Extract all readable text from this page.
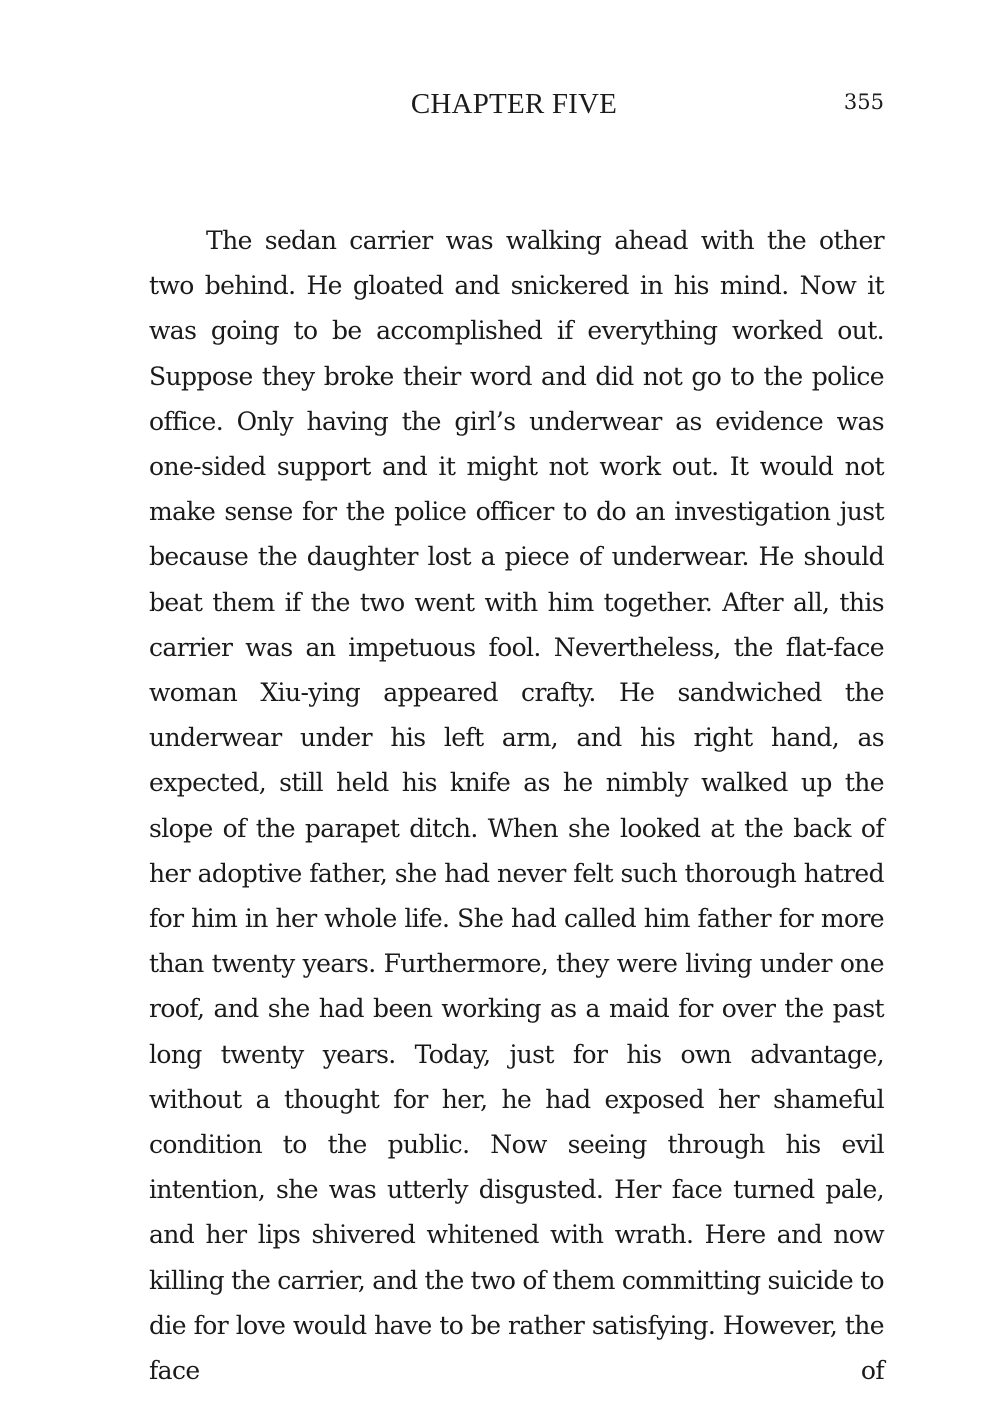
CHAPTER FIVE	355

The sedan carrier was walking ahead with the other two behind. He gloated and snickered in his mind. Now it was going to be accomplished if everything worked out. Suppose they broke their word and did not go to the police office. Only having the girl’s underwear as evidence was one-sided support and it might not work out. It would not make sense for the police officer to do an investigation just because the daughter lost a piece of underwear. He should beat them if the two went with him together. After all, this carrier was an impetuous fool. Nevertheless, the flat-face woman Xiu-ying appeared crafty. He sandwiched the underwear under his left arm, and his right hand, as expected, still held his knife as he nimbly walked up the slope of the parapet ditch. When she looked at the back of her adoptive father, she had never felt such thorough hatred for him in her whole life. She had called him father for more than twenty years. Furthermore, they were living under one roof, and she had been working as a maid for over the past long twenty years. Today, just for his own advantage, without a thought for her, he had exposed her shameful condition to the public. Now seeing through his evil intention, she was utterly disgusted. Her face turned pale, and her lips shivered whitened with wrath. Here and now killing the carrier, and the two of them committing suicide to die for love would have to be rather satisfying. However, the face of
